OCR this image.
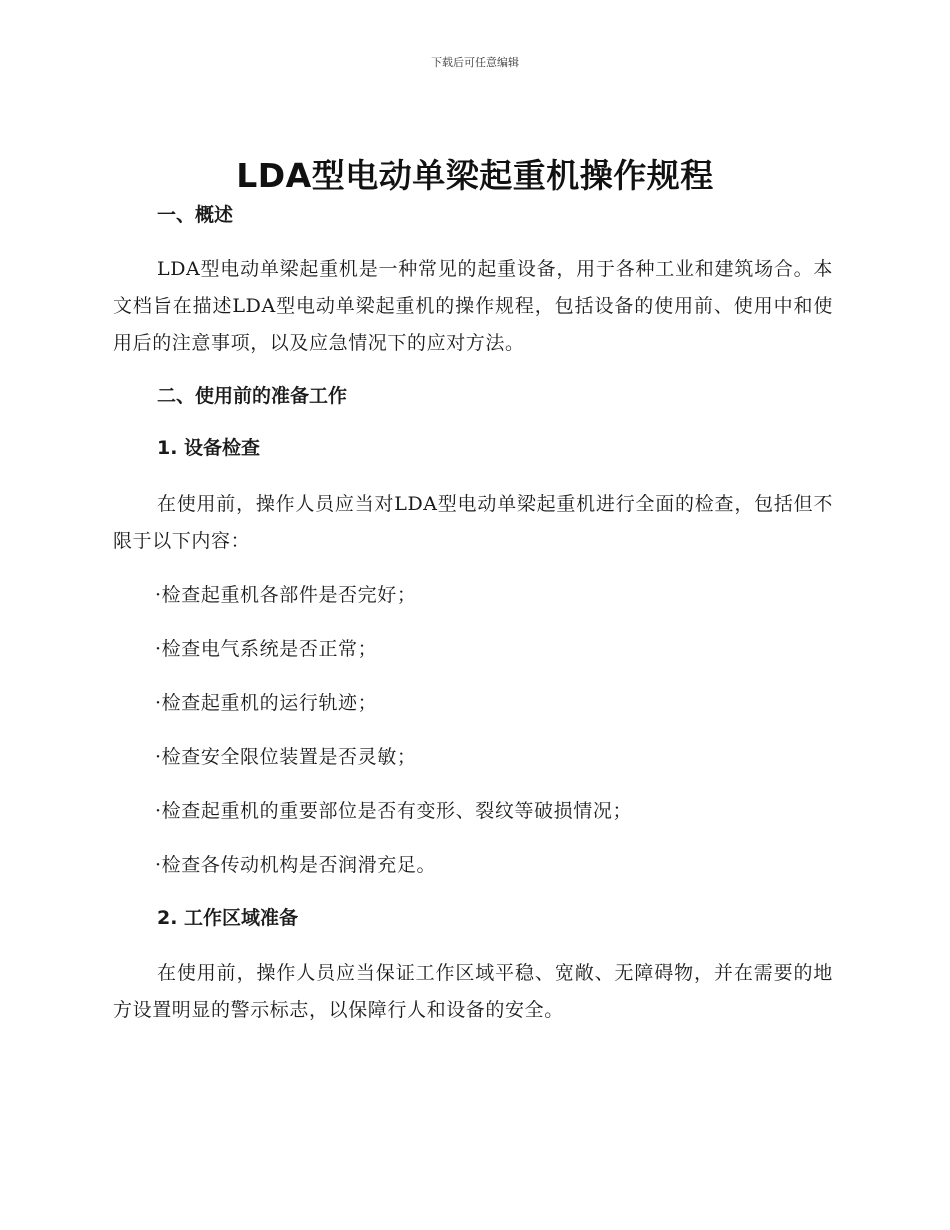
下载后可任意编辑
LDA型电动单梁起重机操作规程
一、概述

LDA型电动单梁起重机是一种常见的起重设备，用于各种工业和建筑场合。本文档旨在描述LDA型电动单梁起重机的操作规程，包括设备的使用前、使用中和使用后的注意事项，以及应急情况下的应对方法。

二、使用前的准备工作
1. 设备检查

在使用前，操作人员应当对LDA型电动单梁起重机进行全面的检查，包括但不限于以下内容：

·检查起重机各部件是否完好；
·检查电气系统是否正常；
·检查起重机的运行轨迹；
·检查安全限位装置是否灵敏；
·检查起重机的重要部位是否有变形、裂纹等破损情况；
·检查各传动机构是否润滑充足。
2. 工作区域准备

在使用前，操作人员应当保证工作区域平稳、宽敞、无障碍物，并在需要的地方设置明显的警示标志，以保障行人和设备的安全。
